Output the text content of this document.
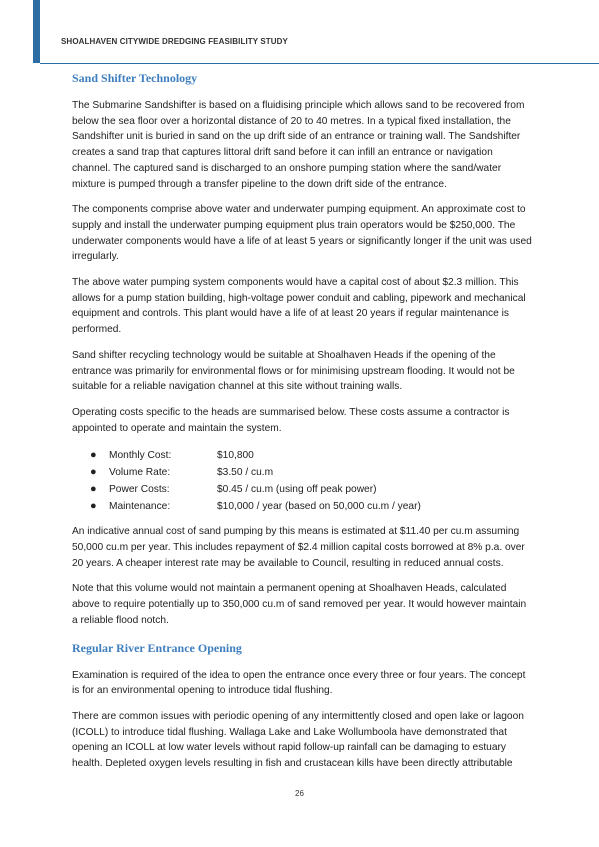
SHOALHAVEN CITYWIDE DREDGING FEASIBILITY STUDY
Sand Shifter Technology

The Submarine Sandshifter is based on a fluidising principle which allows sand to be recovered from below the sea floor over a horizontal distance of 20 to 40 metres. In a typical fixed installation, the Sandshifter unit is buried in sand on the up drift side of an entrance or training wall. The Sandshifter creates a sand trap that captures littoral drift sand before it can infill an entrance or navigation channel. The captured sand is discharged to an onshore pumping station where the sand/water mixture is pumped through a transfer pipeline to the down drift side of the entrance.

The components comprise above water and underwater pumping equipment. An approximate cost to supply and install the underwater pumping equipment plus train operators would be $250,000. The underwater components would have a life of at least 5 years or significantly longer if the unit was used irregularly.

The above water pumping system components would have a capital cost of about $2.3 million. This allows for a pump station building, high-voltage power conduit and cabling, pipework and mechanical equipment and controls. This plant would have a life of at least 20 years if regular maintenance is performed.

Sand shifter recycling technology would be suitable at Shoalhaven Heads if the opening of the entrance was primarily for environmental flows or for minimising upstream flooding. It would not be suitable for a reliable navigation channel at this site without training walls.

Operating costs specific to the heads are summarised below. These costs assume a contractor is appointed to operate and maintain the system.

● Monthly Cost:	$10,800
● Volume Rate:	$3.50 / cu.m
● Power Costs:	$0.45 / cu.m (using off peak power)
● Maintenance:	$10,000 / year (based on 50,000 cu.m / year)

An indicative annual cost of sand pumping by this means is estimated at $11.40 per cu.m assuming 50,000 cu.m per year. This includes repayment of $2.4 million capital costs borrowed at 8% p.a. over 20 years. A cheaper interest rate may be available to Council, resulting in reduced annual costs.

Note that this volume would not maintain a permanent opening at Shoalhaven Heads, calculated above to require potentially up to 350,000 cu.m of sand removed per year. It would however maintain a reliable flood notch.

Regular River Entrance Opening

Examination is required of the idea to open the entrance once every three or four years. The concept is for an environmental opening to introduce tidal flushing.

There are common issues with periodic opening of any intermittently closed and open lake or lagoon (ICOLL) to introduce tidal flushing. Wallaga Lake and Lake Wollumboola have demonstrated that opening an ICOLL at low water levels without rapid follow-up rainfall can be damaging to estuary health. Depleted oxygen levels resulting in fish and crustacean kills have been directly attributable

26
